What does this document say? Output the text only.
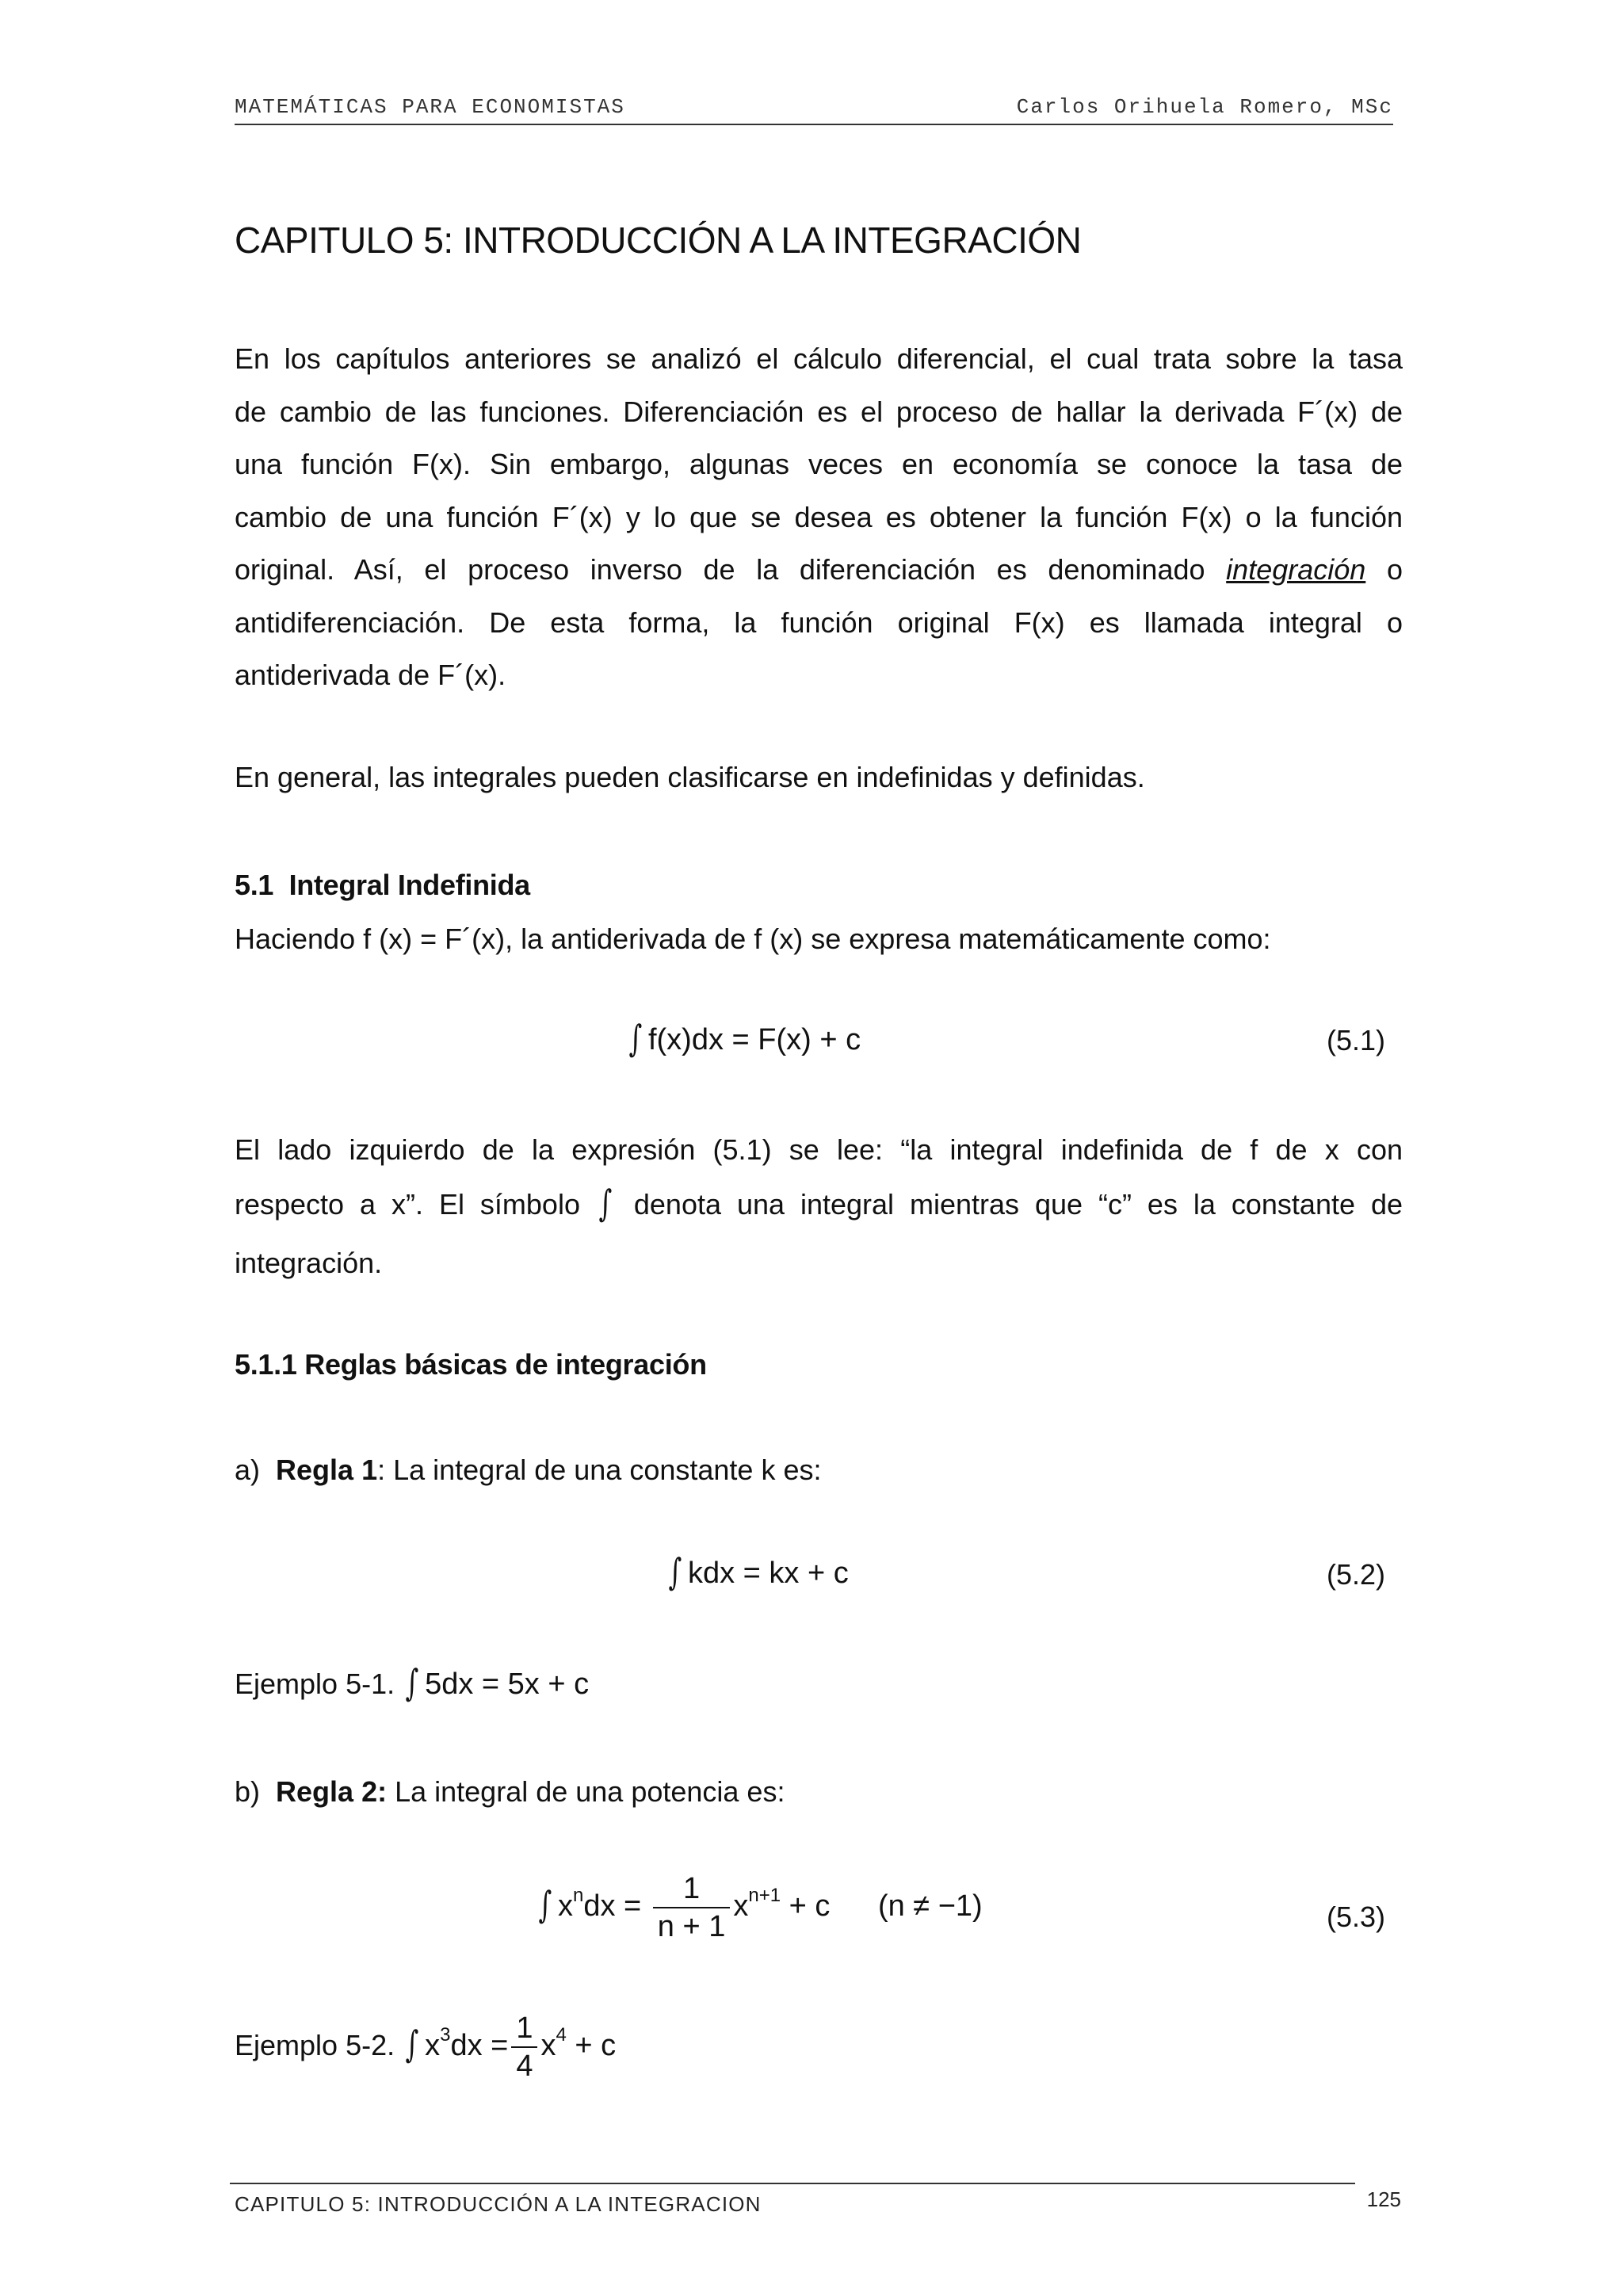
MATEMÁTICAS PARA ECONOMISTAS	Carlos Orihuela Romero, MSc
CAPITULO 5: INTRODUCCIÓN A LA INTEGRACIÓN
En los capítulos anteriores se analizó el cálculo diferencial, el cual trata sobre la tasa
de cambio de las funciones. Diferenciación es el proceso de hallar la derivada F´(x) de
una función F(x). Sin embargo, algunas veces en economía se conoce la tasa de
cambio de una función F´(x) y lo que se desea es obtener la función F(x) o la función
original. Así, el proceso inverso de la diferenciación es denominado integración o
antidiferenciación. De esta forma, la función original F(x) es llamada integral o
antiderivada de F´(x).

En general, las integrales pueden clasificarse en indefinidas y definidas.

5.1 Integral Indefinida

Haciendo f (x) = F´(x), la antiderivada de f (x) se expresa matemáticamente como:

∫ f(x)dx = F(x) + c	(5.1)
El lado izquierdo de la expresión (5.1) se lee: “la integral indefinida de f de x con
respecto a x”. El símbolo ∫ denota una integral mientras que “c” es la constante de
integración.
5.1.1 Reglas básicas de integración

a) Regla 1: La integral de una constante k es:

∫ kdx = kx + c	(5.2)
Ejemplo 5-1. ∫ 5dx = 5x + c

b) Regla 2: La integral de una potencia es:

∫ $x^ndx = \frac{1}{n + 1} x^{n+1} + c$ (n ≠ −1)	(5.3)
Ejemplo 5-2. ∫ $x^3dx = \frac{1}{4} x^4 + c$
CAPITULO 5: INTRODUCCIÓN A LA INTEGRACION	125
